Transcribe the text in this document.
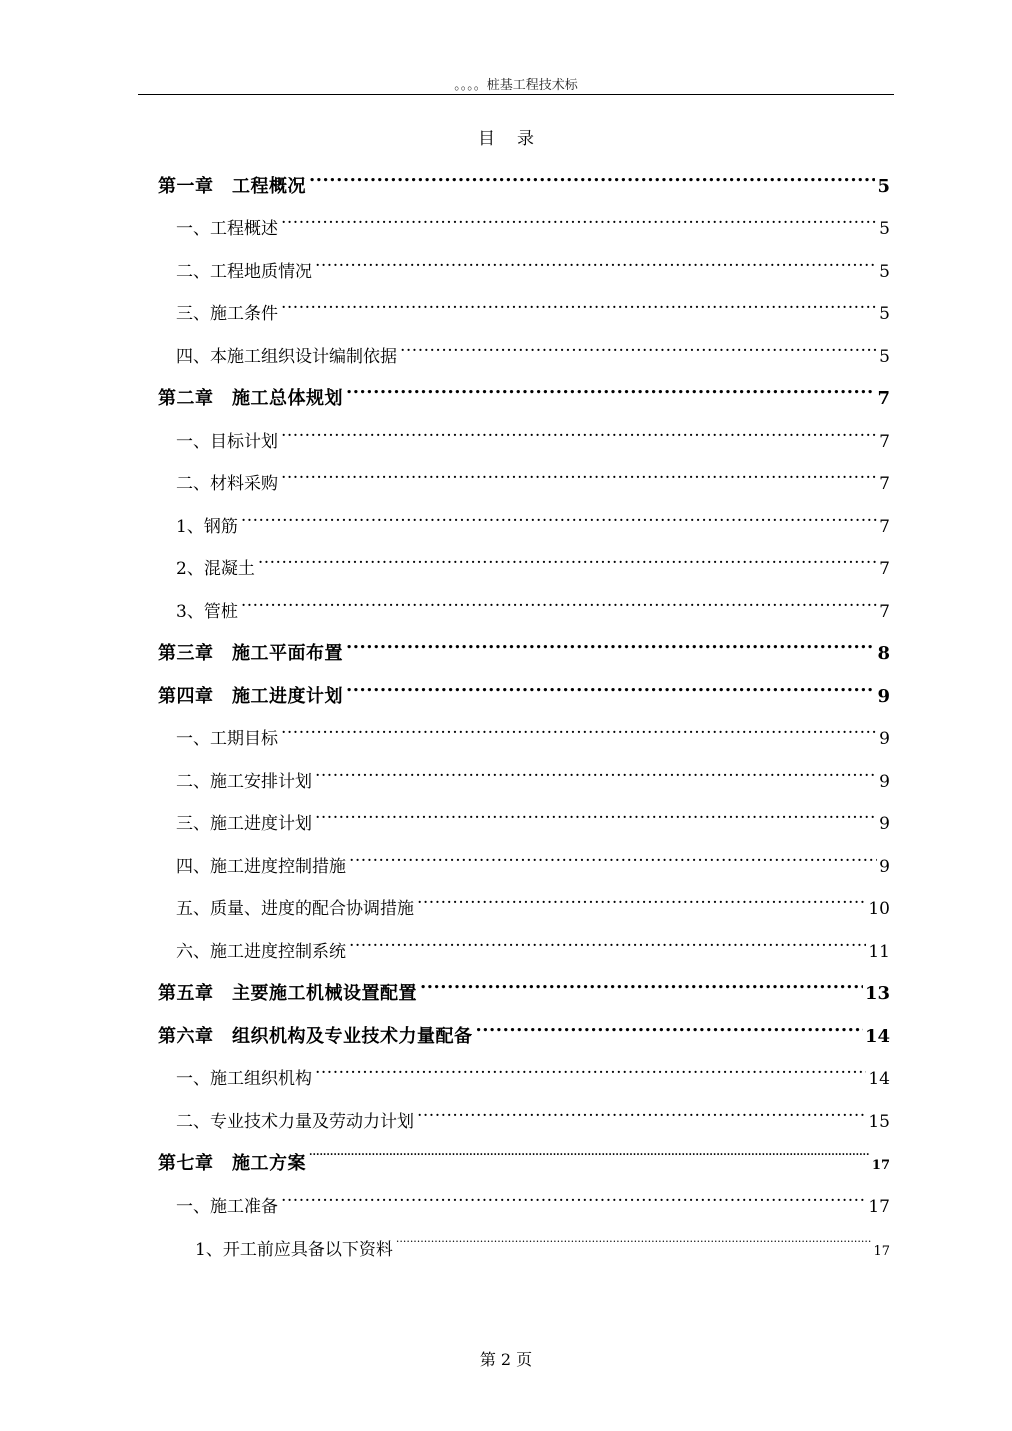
。。。。桩基工程技术标
目录
第一章　工程概况 .....	5
一、工程概述 .....	5
二、工程地质情况 .....	5
三、施工条件 .....	5
四、本施工组织设计编制依据 .....	5
第二章　施工总体规划 .....	7
一、目标计划 .....	7
二、材料采购 .....	7
1、钢筋 .....	7
2、混凝土 .....	7
3、管桩 .....	7
第三章　施工平面布置 .....	8
第四章　施工进度计划 .....	9
一、工期目标 .....	9
二、施工安排计划 .....	9
三、施工进度计划 .....	9
四、施工进度控制措施 .....	9
五、质量、进度的配合协调措施 .....	10
六、施工进度控制系统 .....	11
第五章　主要施工机械设置配置 .....	13
第六章　组织机构及专业技术力量配备 .....	14
一、施工组织机构 .....	14
二、专业技术力量及劳动力计划 .....	15
第七章　施工方案 .....	17
一、施工准备 .....	17
1、开工前应具备以下资料 .....	17
第 2 页
